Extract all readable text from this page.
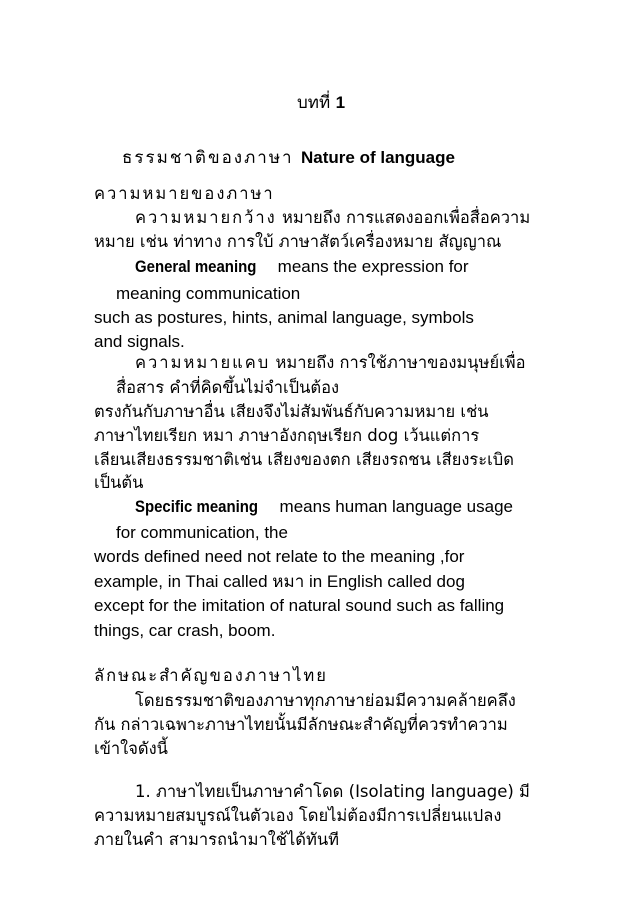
บทที่ 1
ธรรมชาติของภาษา Nature of language
ความหมายของภาษา
ความหมายกว้าง หมายถึง การแสดงออกเพื่อสื่อความ
หมาย เช่น ท่าทาง การใบ้ ภาษาสัตว์เครื่องหมาย สัญญาณ
General meaning means the expression for
meaning communication
such as postures, hints, animal language, symbols
and signals.
ความหมายแคบ หมายถึง การใช้ภาษาของมนุษย์เพื่อ
สื่อสาร คำที่คิดขึ้นไม่จำเป็นต้อง
ตรงกันกับภาษาอื่น เสียงจึงไม่สัมพันธ์กับความหมาย เช่น
ภาษาไทยเรียก หมา ภาษาอังกฤษเรียก dog เว้นแต่การ
เลียนเสียงธรรมชาติเช่น เสียงของตก เสียงรถชน เสียงระเบิด
เป็นต้น
Specific meaning means human language usage
for communication, the
words defined need not relate to the meaning ,for
example, in Thai called หมา in English called dog
except for the imitation of natural sound such as falling
things, car crash, boom.
ลักษณะสำคัญของภาษาไทย
โดยธรรมชาติของภาษาทุกภาษาย่อมมีความคล้ายคลึง
กัน กล่าวเฉพาะภาษาไทยนั้นมีลักษณะสำคัญที่ควรทำความ
เข้าใจดังนี้
1. ภาษาไทยเป็นภาษาคำโดด (Isolating language) มี
ความหมายสมบูรณ์ในตัวเอง โดยไม่ต้องมีการเปลี่ยนแปลง
ภายในคำ สามารถนำมาใช้ได้ทันที
